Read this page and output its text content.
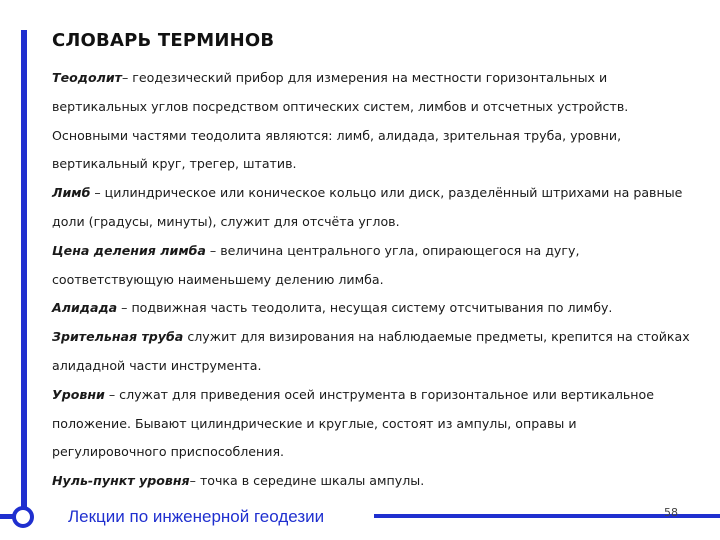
СЛОВАРЬ ТЕРМИНОВ

Теодолит– геодезический прибор для измерения на местности горизонтальных и вертикальных углов посредством оптических систем, лимбов и отсчетных устройств. Основными частями теодолита являются: лимб, алидада, зрительная труба, уровни, вертикальный круг, трегер, штатив.

Лимб – цилиндрическое или коническое кольцо или диск, разделённый штрихами на равные доли (градусы, минуты), служит для отсчёта углов.

Цена деления лимба – величина центрального угла, опирающегося на дугу, соответствующую наименьшему делению лимба.

Алидада – подвижная часть теодолита, несущая систему отсчитывания по лимбу.

Зрительная труба служит для визирования на наблюдаемые предметы, крепится на стойках алидадной части инструмента.

Уровни – служат для приведения осей инструмента в горизонтальное или вертикальное положение. Бывают цилиндрические и круглые, состоят из ампулы, оправы и регулировочного приспособления.

Нуль-пункт уровня– точка в середине шкалы ампулы.

Лекции по инженерной геодезии	58
